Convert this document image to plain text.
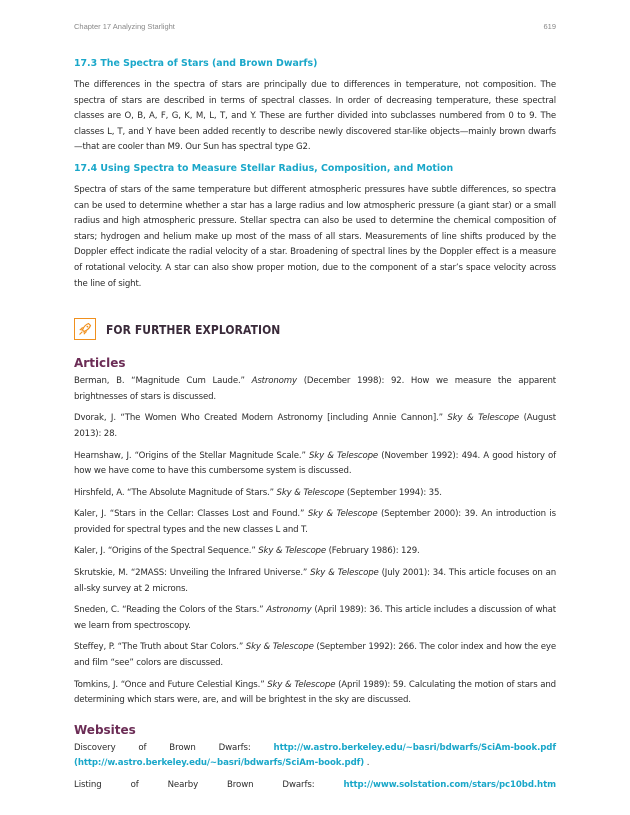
Chapter 17 Analyzing Starlight	619
17.3 The Spectra of Stars (and Brown Dwarfs)

The differences in the spectra of stars are principally due to differences in temperature, not composition. The spectra of stars are described in terms of spectral classes. In order of decreasing temperature, these spectral classes are O, B, A, F, G, K, M, L, T, and Y. These are further divided into subclasses numbered from 0 to 9. The classes L, T, and Y have been added recently to describe newly discovered star-like objects—mainly brown dwarfs—that are cooler than M9. Our Sun has spectral type G2.

17.4 Using Spectra to Measure Stellar Radius, Composition, and Motion

Spectra of stars of the same temperature but different atmospheric pressures have subtle differences, so spectra can be used to determine whether a star has a large radius and low atmospheric pressure (a giant star) or a small radius and high atmospheric pressure. Stellar spectra can also be used to determine the chemical composition of stars; hydrogen and helium make up most of the mass of all stars. Measurements of line shifts produced by the Doppler effect indicate the radial velocity of a star. Broadening of spectral lines by the Doppler effect is a measure of rotational velocity. A star can also show proper motion, due to the component of a star’s space velocity across the line of sight.

FOR FURTHER EXPLORATION
Articles

Berman, B. “Magnitude Cum Laude.” Astronomy (December 1998): 92. How we measure the apparent brightnesses of stars is discussed.

Dvorak, J. “The Women Who Created Modern Astronomy [including Annie Cannon].” Sky & Telescope (August 2013): 28.

Hearnshaw, J. “Origins of the Stellar Magnitude Scale.” Sky & Telescope (November 1992): 494. A good history of how we have come to have this cumbersome system is discussed.

Hirshfeld, A. “The Absolute Magnitude of Stars.” Sky & Telescope (September 1994): 35.

Kaler, J. “Stars in the Cellar: Classes Lost and Found.” Sky & Telescope (September 2000): 39. An introduction is provided for spectral types and the new classes L and T.

Kaler, J. “Origins of the Spectral Sequence.” Sky & Telescope (February 1986): 129.

Skrutskie, M. “2MASS: Unveiling the Infrared Universe.” Sky & Telescope (July 2001): 34. This article focuses on an all-sky survey at 2 microns.

Sneden, C. “Reading the Colors of the Stars.” Astronomy (April 1989): 36. This article includes a discussion of what we learn from spectroscopy.

Steffey, P. “The Truth about Star Colors.” Sky & Telescope (September 1992): 266. The color index and how the eye and film “see” colors are discussed.

Tomkins, J. “Once and Future Celestial Kings.” Sky & Telescope (April 1989): 59. Calculating the motion of stars and determining which stars were, are, and will be brightest in the sky are discussed.

Websites
Discovery	of	Brown	Dwarfs:	http://w.astro.berkeley.edu/~basri/bdwarfs/SciAm-book.pdf
(http://w.astro.berkeley.edu/~basri/bdwarfs/SciAm-book.pdf) .
Listing	of	Nearby	Brown	Dwarfs:	http://www.solstation.com/stars/pc10bd.htm
